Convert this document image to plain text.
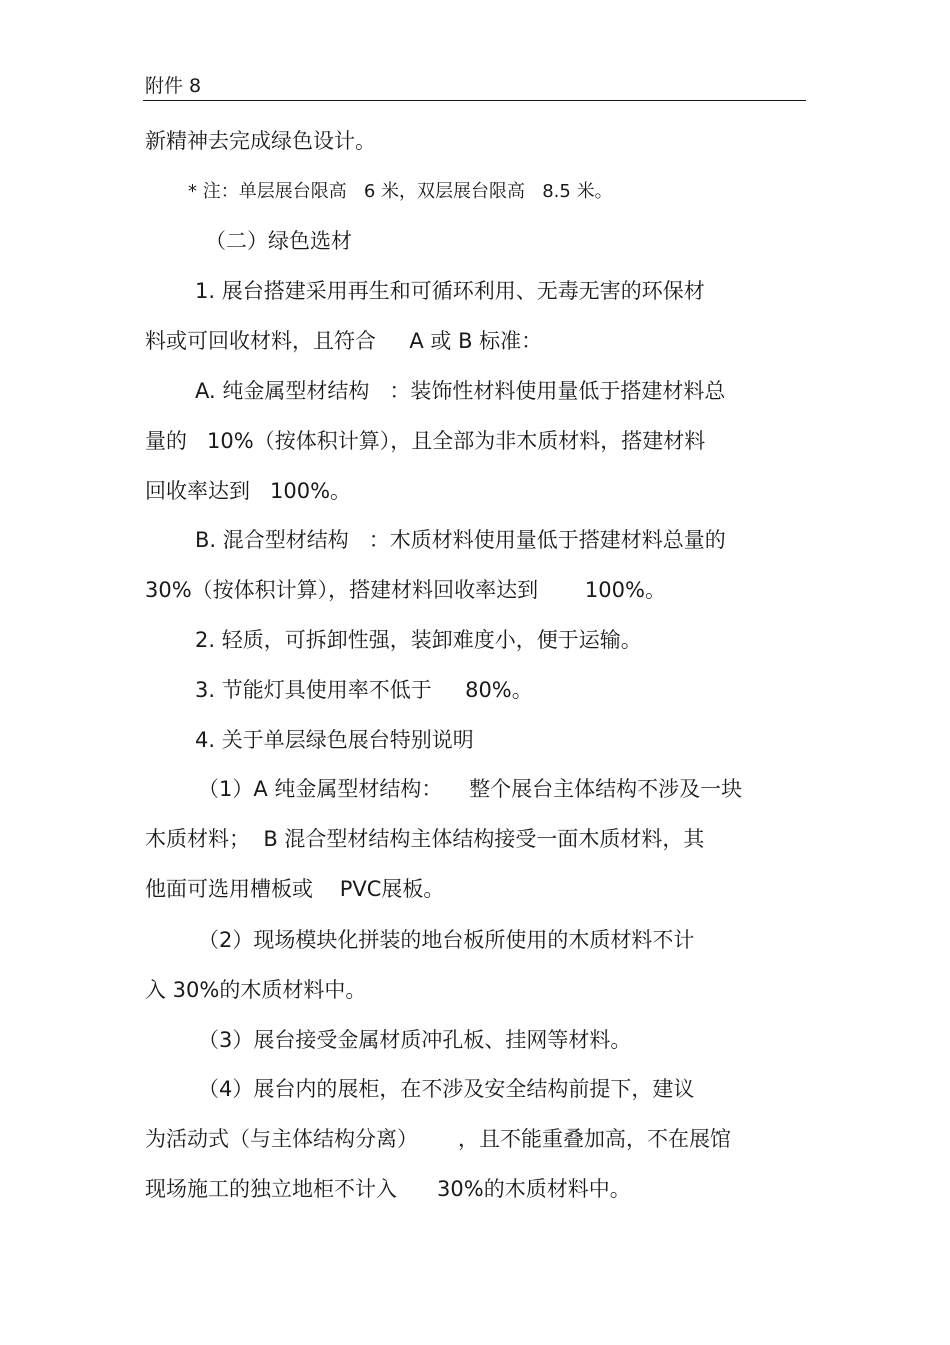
附件 8
新精神去完成绿色设计。
* 注：单层展台限高   6 米，双层展台限高   8.5 米。
（二）绿色选材
1. 展台搭建采用再生和可循环利用、无毒无害的环保材
料或可回收材料，且符合     A 或 B 标准：
A. 纯金属型材结构   ：装饰性材料使用量低于搭建材料总
量的   10%（按体积计算），且全部为非木质材料，搭建材料
回收率达到   100%。
B. 混合型材结构   ：木质材料使用量低于搭建材料总量的
30%（按体积计算），搭建材料回收率达到       100%。
2. 轻质，可拆卸性强，装卸难度小，便于运输。
3. 节能灯具使用率不低于     80%。
4. 关于单层绿色展台特别说明
（1）A 纯金属型材结构：    整个展台主体结构不涉及一块
木质材料；  B 混合型材结构主体结构接受一面木质材料，其
他面可选用槽板或    PVC展板。
（2）现场模块化拼装的地台板所使用的木质材料不计
入 30%的木质材料中。
（3）展台接受金属材质冲孔板、挂网等材料。
（4）展台内的展柜，在不涉及安全结构前提下，建议
为活动式（与主体结构分离）      ，且不能重叠加高，不在展馆
现场施工的独立地柜不计入      30%的木质材料中。
